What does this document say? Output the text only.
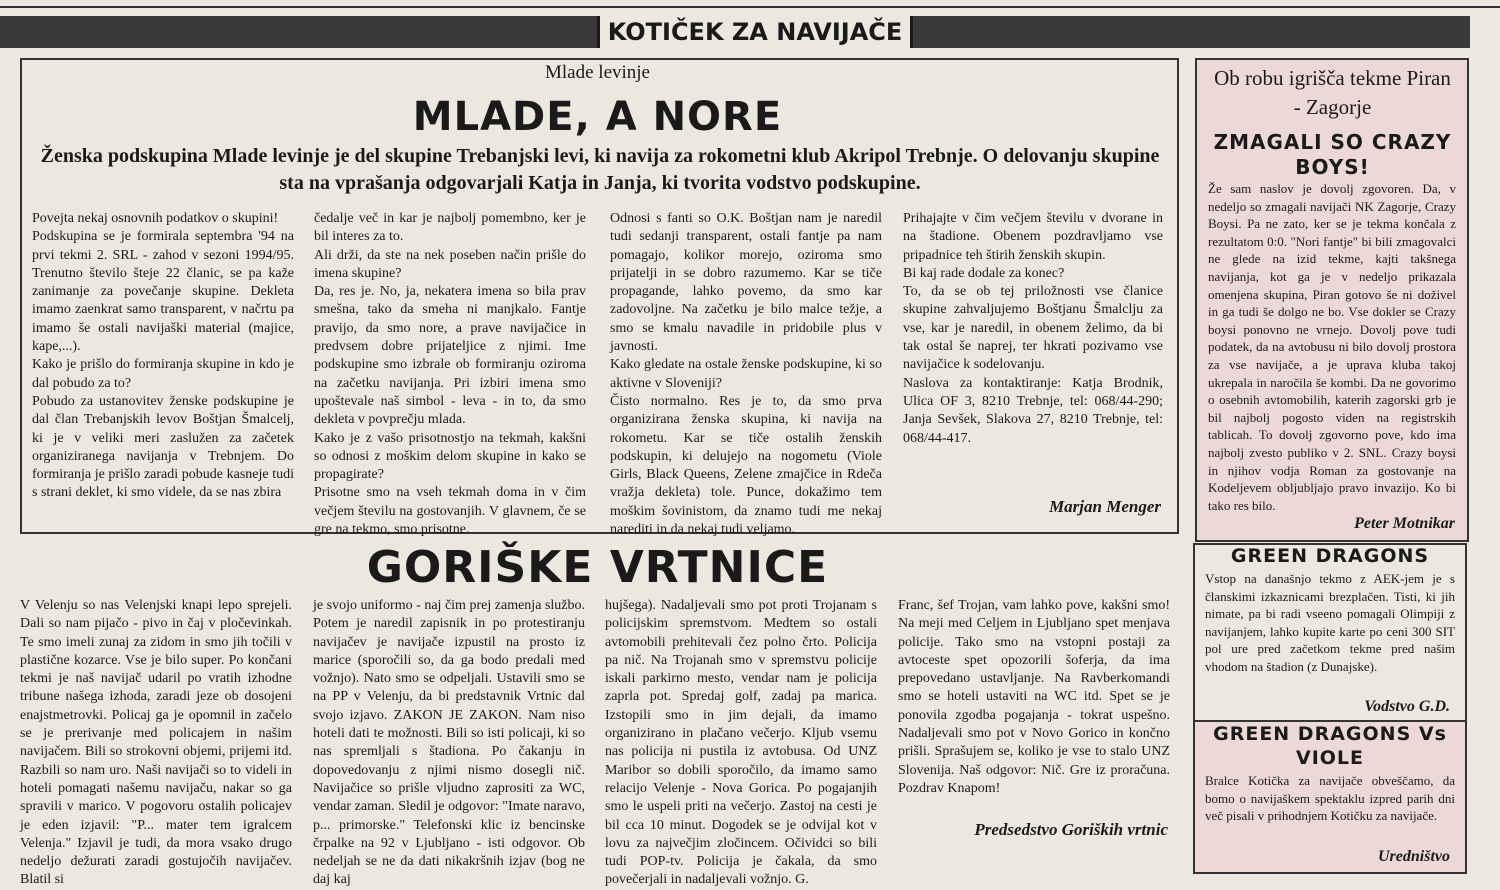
KOTIČEK ZA NAVIJAČE
Mlade levinje
MLADE, A NORE
Ženska podskupina Mlade levinje je del skupine Trebanjski levi, ki navija za rokometni klub Akripol Trebnje. O delovanju skupine sta na vprašanja odgovarjali Katja in Janja, ki tvorita vodstvo podskupine.
Povejta nekaj osnovnih podatkov o skupini!
Podskupina se je formirala septembra '94 na prvi tekmi 2. SRL - zahod v sezoni 1994/95. Trenutno število šteje 22 članic, se pa kaže zanimanje za povečanje skupine. Dekleta imamo zaenkrat samo transparent, v načrtu pa imamo še ostali navijaški material (majice, kape,...).
Kako je prišlo do formiranja skupine in kdo je dal pobudo za to?
Pobudo za ustanovitev ženske podskupine je dal član Trebanjskih levov Boštjan Šmalcelj, ki je v veliki meri zaslužen za začetek organiziranega navijanja v Trebnjem. Do formiranja je prišlo zaradi pobude kasneje tudi s strani deklet, ki smo videle, da se nas zbira
čedalje več in kar je najbolj pomembno, ker je bil interes za to.
Ali drži, da ste na nek poseben način prišle do imena skupine?
Da, res je. No, ja, nekatera imena so bila prav smešna, tako da smeha ni manjkalo. Fantje pravijo, da smo nore, a prave navijačice in predvsem dobre prijateljice z njimi. Ime podskupine smo izbrale ob formiranju oziroma na začetku navijanja. Pri izbiri imena smo upoštevale naš simbol - leva - in to, da smo dekleta v povprečju mlada.
Kako je z vašo prisotnostjo na tekmah, kakšni so odnosi z moškim delom skupine in kako se propagirate?
Prisotne smo na vseh tekmah doma in v čim večjem številu na gostovanjih. V glavnem, če se gre na tekmo, smo prisotne.
Odnosi s fanti so O.K. Boštjan nam je naredil tudi sedanji transparent, ostali fantje pa nam pomagajo, kolikor morejo, oziroma smo prijatelji in se dobro razumemo. Kar se tiče propagande, lahko povemo, da smo kar zadovoljne. Na začetku je bilo malce težje, a smo se kmalu navadile in pridobile plus v javnosti.
Kako gledate na ostale ženske podskupine, ki so aktivne v Sloveniji?
Čisto normalno. Res je to, da smo prva organizirana ženska skupina, ki navija na rokometu. Kar se tiče ostalih ženskih podskupin, ki delujejo na nogometu (Viole Girls, Black Queens, Zelene zmajčice in Rdeča vražja dekleta) tole. Punce, dokažimo tem moškim šovinistom, da znamo tudi me nekaj narediti in da nekaj tudi veljamo.
Prihajajte v čim večjem številu v dvorane in na štadione. Obenem pozdravljamo vse pripadnice teh štirih ženskih skupin.
Bi kaj rade dodale za konec?
To, da se ob tej priložnosti vse članice skupine zahvaljujemo Boštjanu Šmalclju za vse, kar je naredil, in obenem želimo, da bi tak ostal še naprej, ter hkrati pozivamo vse navijačice k sodelovanju.
Naslova za kontaktiranje: Katja Brodnik, Ulica OF 3, 8210 Trebnje, tel: 068/44-290; Janja Sevšek, Slakova 27, 8210 Trebnje, tel: 068/44-417.
Marjan Menger
GORIŠKE VRTNICE
V Velenju so nas Velenjski knapi lepo sprejeli. Dali so nam pijačo - pivo in čaj v pločevinkah. Te smo imeli zunaj za zidom in smo jih točili v plastične kozarce. Vse je bilo super. Po končani tekmi je naš navijač udaril po vratih izhodne tribune našega izhoda, zaradi jeze ob dosojeni enajstmetrovki. Policaj ga je opomnil in začelo se je prerivanje med policajem in našim navijačem. Bili so strokovni objemi, prijemi itd. Razbili so nam uro. Naši navijači so to videli in hoteli pomagati našemu navijaču, nakar so ga spravili v marico. V pogovoru ostalih policajev je eden izjavil: "P... mater tem igralcem Velenja." Izjavil je tudi, da mora vsako drugo nedeljo dežurati zaradi gostujočih navijačev. Blatil si
je svojo uniformo - naj čim prej zamenja službo. Potem je naredil zapisnik in po protestiranju navijačev je navijače izpustil na prosto iz marice (sporočili so, da ga bodo predali med vožnjo). Nato smo se odpeljali. Ustavili smo se na PP v Velenju, da bi predstavnik Vrtnic dal svojo izjavo. ZAKON JE ZAKON. Nam niso hoteli dati te možnosti. Bili so isti policaji, ki so nas spremljali s štadiona. Po čakanju in dopovedovanju z njimi nismo dosegli nič. Navijačice so prišle vljudno zaprositi za WC, vendar zaman. Sledil je odgovor: "Imate naravo, p... primorske." Telefonski klic iz bencinske črpalke na 92 v Ljubljano - isti odgovor. Ob nedeljah se ne da dati nikakršnih izjav (bog ne daj kaj
hujšega). Nadaljevali smo pot proti Trojanam s policijskim spremstvom. Medtem so ostali avtomobili prehitevali čez polno črto. Policija pa nič. Na Trojanah smo v spremstvu policije iskali parkirno mesto, vendar nam je policija zaprla pot. Spredaj golf, zadaj pa marica. Izstopili smo in jim dejali, da imamo organizirano in plačano večerjo. Kljub vsemu nas policija ni pustila iz avtobusa. Od UNZ Maribor so dobili sporočilo, da imamo samo relacijo Velenje - Nova Gorica. Po pogajanjih smo le uspeli priti na večerjo. Zastoj na cesti je bil cca 10 minut. Dogodek se je odvijal kot v lovu za največjim zločincem. Očividci so bili tudi POP-tv. Policija je čakala, da smo povečerjali in nadaljevali vožnjo. G.
Franc, šef Trojan, vam lahko pove, kakšni smo! Na meji med Celjem in Ljubljano spet menjava policije. Tako smo na vstopni postaji za avtoceste spet opozorili šoferja, da ima prepovedano ustavljanje. Na Ravberkomandi smo se hoteli ustaviti na WC itd. Spet se je ponovila zgodba pogajanja - tokrat uspešno. Nadaljevali smo pot v Novo Gorico in končno prišli. Sprašujem se, koliko je vse to stalo UNZ Slovenija. Naš odgovor: Nič. Gre iz proračuna. Pozdrav Knapom!
Predsedstvo Goriških vrtnic
Ob robu igrišča tekme Piran - Zagorje
ZMAGALI SO CRAZY BOYS!
Že sam naslov je dovolj zgovoren. Da, v nedeljo so zmagali navijači NK Zagorje, Crazy Boysi. Pa ne zato, ker se je tekma končala z rezultatom 0:0. "Nori fantje" bi bili zmagovalci ne glede na izid tekme, kajti takšnega navijanja, kot ga je v nedeljo prikazala omenjena skupina, Piran gotovo še ni doživel in ga tudi še dolgo ne bo. Vse dokler se Crazy boysi ponovno ne vrnejo. Dovolj pove tudi podatek, da na avtobusu ni bilo dovolj prostora za vse navijače, a je uprava kluba takoj ukrepala in naročila še kombi. Da ne govorimo o osebnih avtomobilih, katerih zagorski grb je bil najbolj pogosto viden na registrskih tablicah. To dovolj zgovorno pove, kdo ima najbolj zvesto publiko v 2. SNL. Crazy boysi in njihov vodja Roman za gostovanje na Kodeljevem obljubljajo pravo invazijo. Ko bi tako res bilo.
Peter Motnikar
GREEN DRAGONS
Vstop na današnjo tekmo z AEK-jem je s članskimi izkaznicami brezplačen. Tisti, ki jih nimate, pa bi radi vseeno pomagali Olimpiji z navijanjem, lahko kupite karte po ceni 300 SIT pol ure pred začetkom tekme pred našim vhodom na štadion (z Dunajske).
Vodstvo G.D.
GREEN DRAGONS Vs VIOLE
Bralce Kotička za navijače obveščamo, da bomo o navijaškem spektaklu izpred parih dni več pisali v prihodnjem Kotičku za navijače.
Uredništvo
